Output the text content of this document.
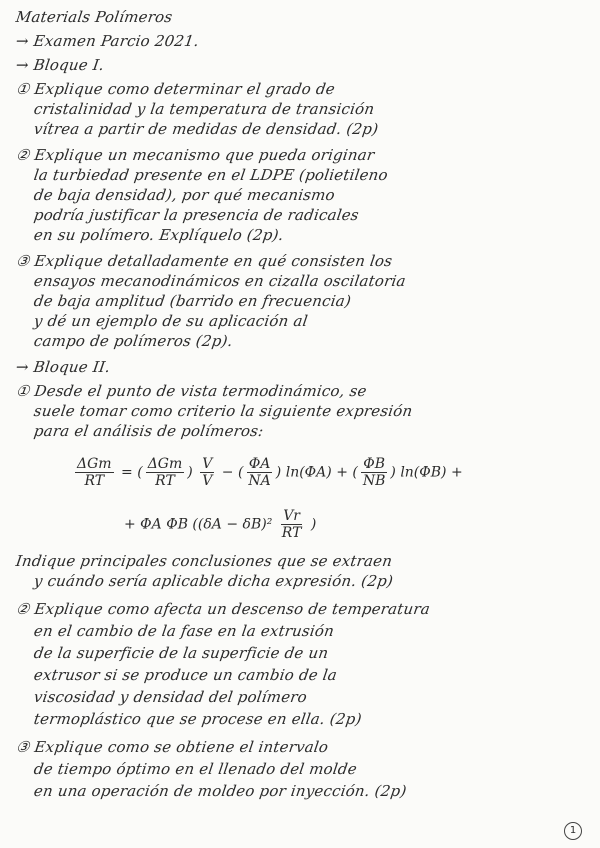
Materials Polímeros
→ Examen Parcio 2021.
→ Bloque I.
① Explique como determinar el grado de
cristalinidad y la temperatura de transición
vítrea a partir de medidas de densidad. (2p)
② Explique un mecanismo que pueda originar
la turbiedad presente en el LDPE (polietileno
de baja densidad), por qué mecanismo
podría justificar la presencia de radicales
en su polímero. Explíquelo (2p).
③ Explique detalladamente en qué consisten los
ensayos mecanodinámicos en cizalla oscilatoria
de baja amplitud (barrido en frecuencia)
y dé un ejemplo de su aplicación al
campo de polímeros (2p).
→ Bloque II.
① Desde el punto de vista termodinámico, se
suele tomar como criterio la siguiente expresión
para el análisis de polímeros:
$\frac{\text{ΔGm}}{RT}$ = ( $\frac{\text{ΔGm}}{RT}$ ) $\frac{V}{V}$ − ( $\frac{\Phi A}{NA}$ ) ln(ΦA) + ( $\frac{\Phi B}{NB}$ ) ln(ΦB) +
+ ΦA ΦB ($(\delta A - \delta B)^2 \frac{Vr}{RT}$ )
Indique principales conclusiones que se extraen
y cuándo sería aplicable dicha expresión. (2p)
② Explique como afecta un descenso de temperatura
en el cambio de la fase en la extrusión
de la superficie de la superficie de un
extrusor si se produce un cambio de la
viscosidad y densidad del polímero
termoplástico que se procese en ella. (2p)
③ Explique como se obtiene el intervalo
de tiempo óptimo en el llenado del molde
en una operación de moldeo por inyección. (2p)
1
